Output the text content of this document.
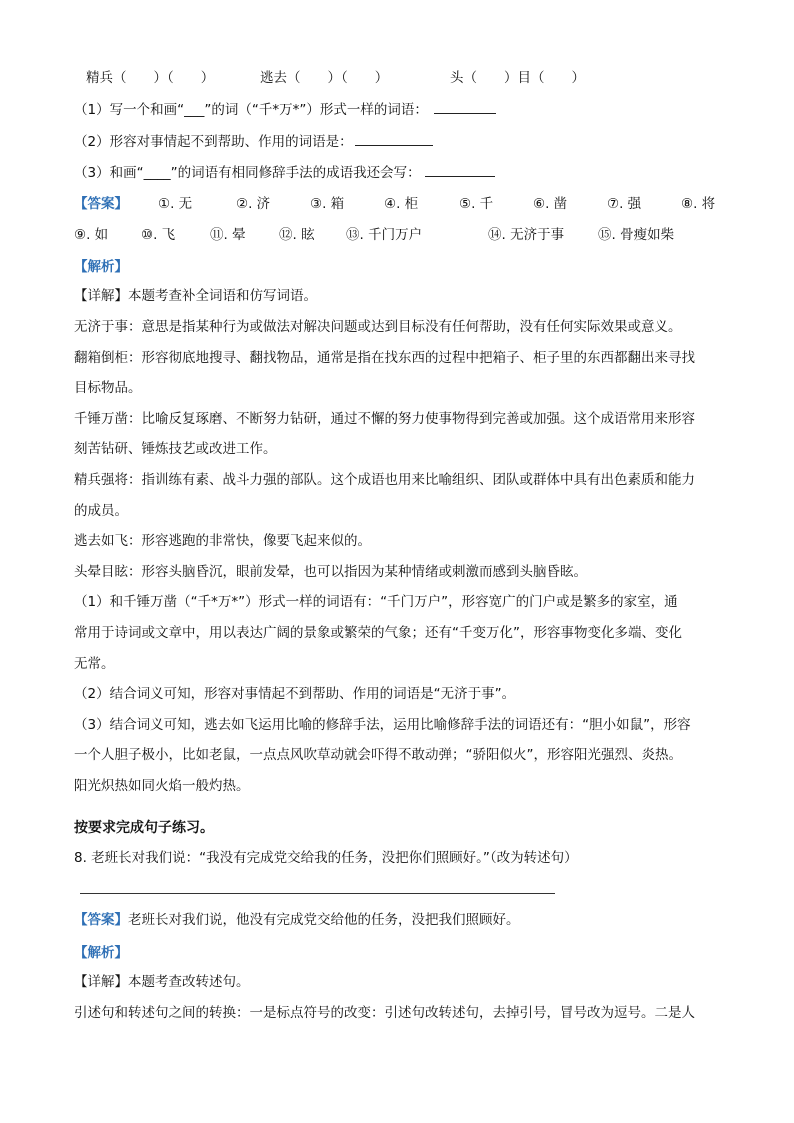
精兵（　　）（　　）	逃去（　　）（　　）	头（　　）目（　　）
（1）写一个和画“___”的词（“千*万*”）形式一样的词语：
（2）形容对事情起不到帮助、作用的词语是：
（3）和画“____”的词语有相同修辞手法的成语我还会写：
【答案】 ①. 无	②. 济	③. 箱	④. 柜	⑤. 千	⑥. 凿	⑦. 强	⑧. 将
⑨. 如 ⑩. 飞	⑪. 晕 ⑫. 眩 ⑬. 千门万户	⑭. 无济于事	⑮. 骨瘦如柴
【解析】
【详解】本题考查补全词语和仿写词语。
无济于事：意思是指某种行为或做法对解决问题或达到目标没有任何帮助，没有任何实际效果或意义。
翻箱倒柜：形容彻底地搜寻、翻找物品，通常是指在找东西的过程中把箱子、柜子里的东西都翻出来寻找
目标物品。
千锤万凿：比喻反复琢磨、不断努力钻研，通过不懈的努力使事物得到完善或加强。这个成语常用来形容
刻苦钻研、锤炼技艺或改进工作。
精兵强将：指训练有素、战斗力强的部队。这个成语也用来比喻组织、团队或群体中具有出色素质和能力
的成员。
逃去如飞：形容逃跑的非常快，像要飞起来似的。
头晕目眩：形容头脑昏沉，眼前发晕，也可以指因为某种情绪或刺激而感到头脑昏眩。
（1）和千锤万凿（“千*万*”）形式一样的词语有：“千门万户”，形容宽广的门户或是繁多的家室，通
常用于诗词或文章中，用以表达广阔的景象或繁荣的气象；还有“千变万化”，形容事物变化多端、变化
无常。
（2）结合词义可知，形容对事情起不到帮助、作用的词语是“无济于事”。
（3）结合词义可知，逃去如飞运用比喻的修辞手法，运用比喻修辞手法的词语还有：“胆小如鼠”，形容
一个人胆子极小，比如老鼠，一点点风吹草动就会吓得不敢动弹；“骄阳似火”，形容阳光强烈、炎热。
阳光炽热如同火焰一般灼热。
按要求完成句子练习。
8. 老班长对我们说：“我没有完成党交给我的任务，没把你们照顾好。”（改为转述句）
【答案】老班长对我们说，他没有完成党交给他的任务，没把我们照顾好。
【解析】
【详解】本题考查改转述句。
引述句和转述句之间的转换：一是标点符号的改变：引述句改转述句，去掉引号，冒号改为逗号。二是人
